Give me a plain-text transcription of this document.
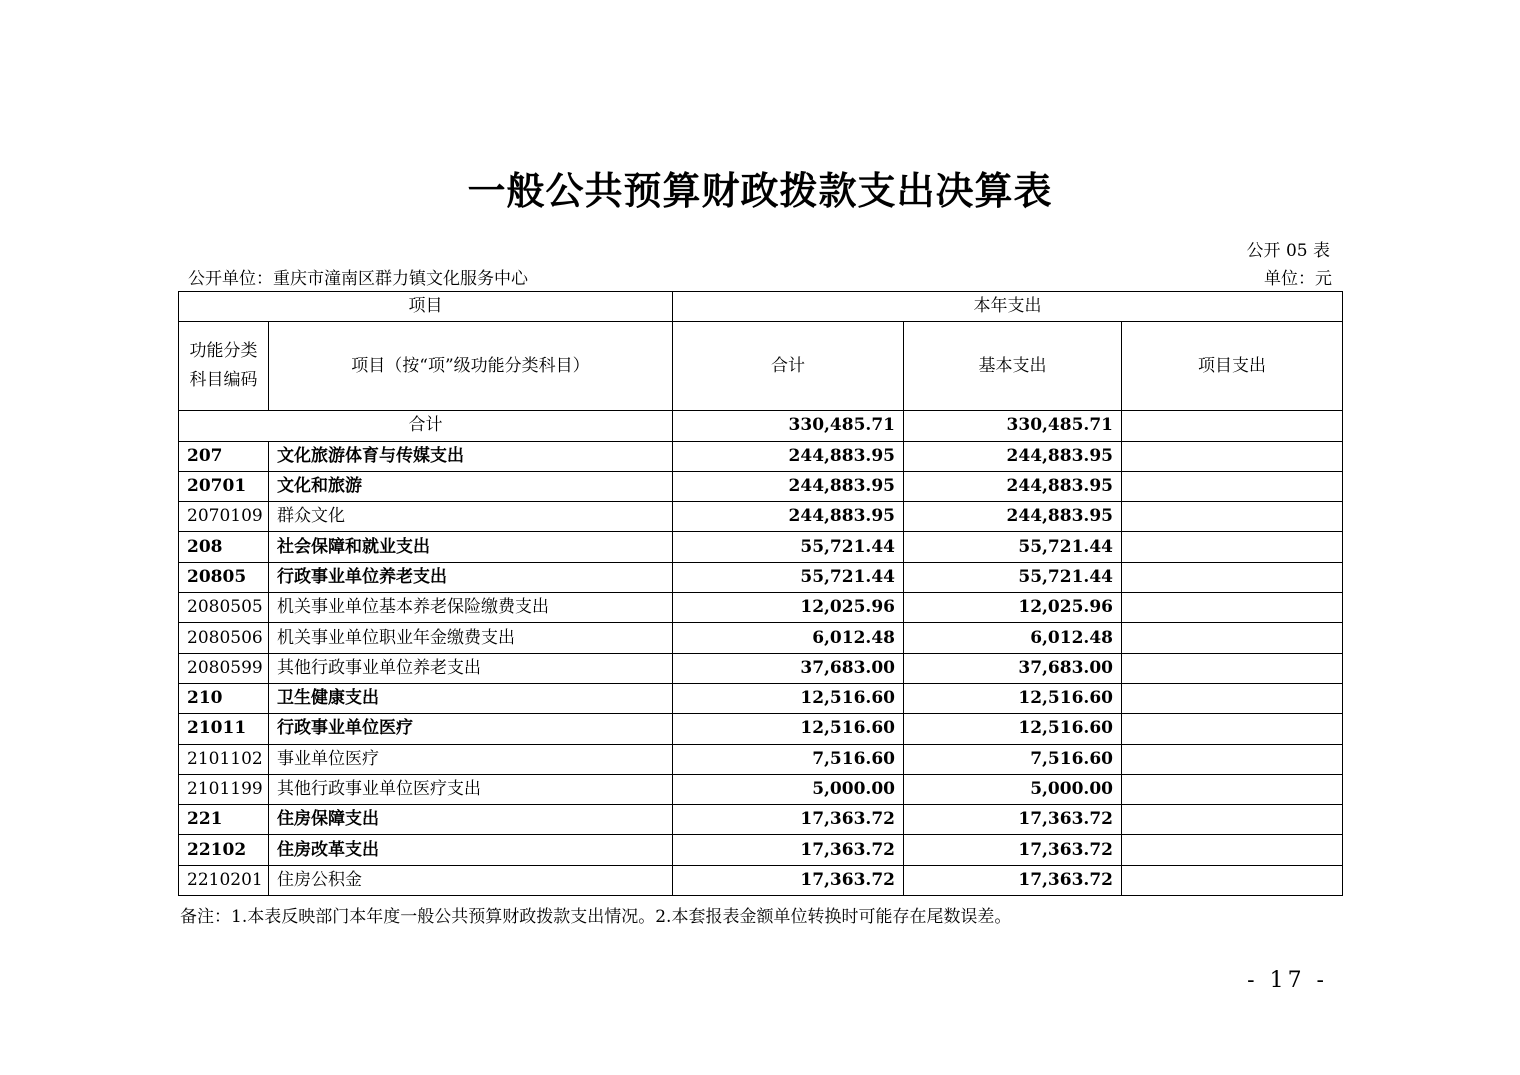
一般公共预算财政拨款支出决算表
公开 05 表
公开单位：重庆市潼南区群力镇文化服务中心	单位：元
项目		本年支出		
功能分类科目编码	项目（按“项”级功能分类科目）	合计	基本支出	项目支出
合计		330,485.71	330,485.71	
207	文化旅游体育与传媒支出	244,883.95	244,883.95	
20701	文化和旅游	244,883.95	244,883.95	
2070109	群众文化	244,883.95	244,883.95	
208	社会保障和就业支出	55,721.44	55,721.44	
20805	行政事业单位养老支出	55,721.44	55,721.44	
2080505	机关事业单位基本养老保险缴费支出	12,025.96	12,025.96	
2080506	机关事业单位职业年金缴费支出	6,012.48	6,012.48	
2080599	其他行政事业单位养老支出	37,683.00	37,683.00	
210	卫生健康支出	12,516.60	12,516.60	
21011	行政事业单位医疗	12,516.60	12,516.60	
2101102	事业单位医疗	7,516.60	7,516.60	
2101199	其他行政事业单位医疗支出	5,000.00	5,000.00	
221	住房保障支出	17,363.72	17,363.72	
22102	住房改革支出	17,363.72	17,363.72	
2210201	住房公积金	17,363.72	17,363.72	
备注：1.本表反映部门本年度一般公共预算财政拨款支出情况。2.本套报表金额单位转换时可能存在尾数误差。
- 17 -
